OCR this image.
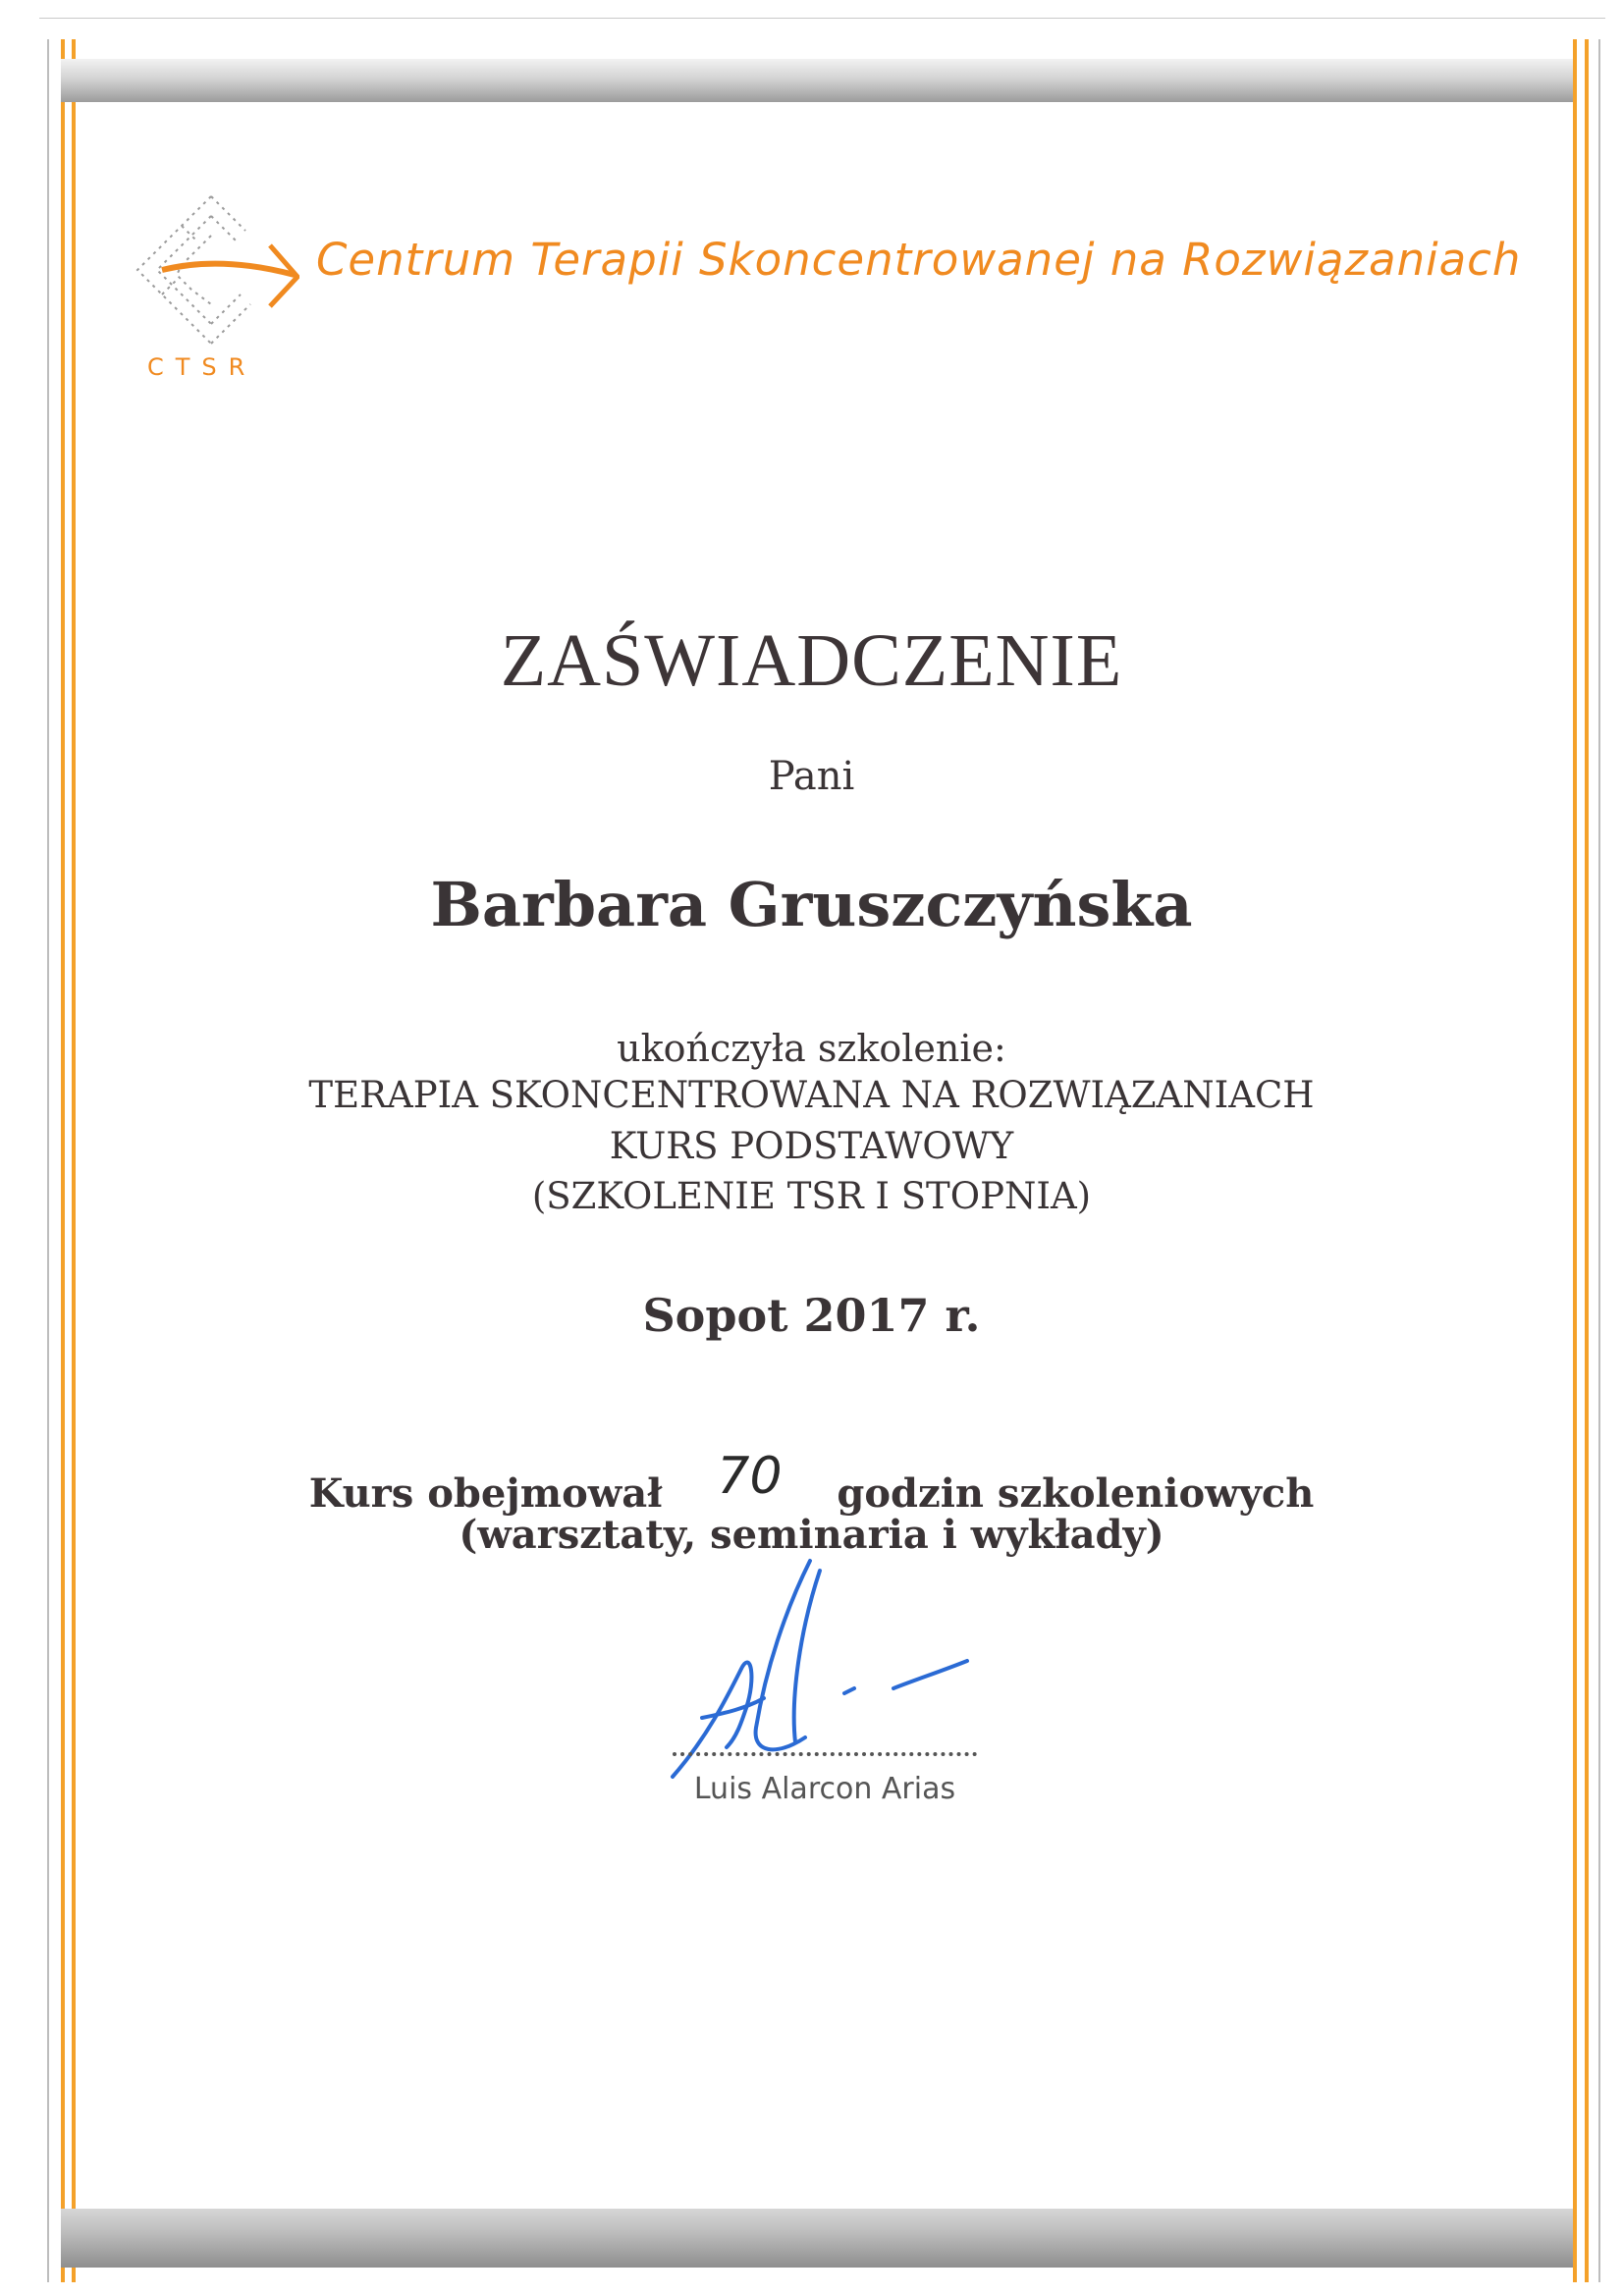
CTSR
Centrum Terapii Skoncentrowanej na Rozwiązaniach
ZAŚWIADCZENIE
Pani
Barbara Gruszczyńska
ukończyła szkolenie:
TERAPIA SKONCENTROWANA NA ROZWIĄZANIACH
KURS PODSTAWOWY
(SZKOLENIE TSR I STOPNIA)
Sopot 2017 r.
Kurs obejmował 70 godzin szkoleniowych
(warsztaty, seminaria i wykłady)
Luis Alarcon Arias
